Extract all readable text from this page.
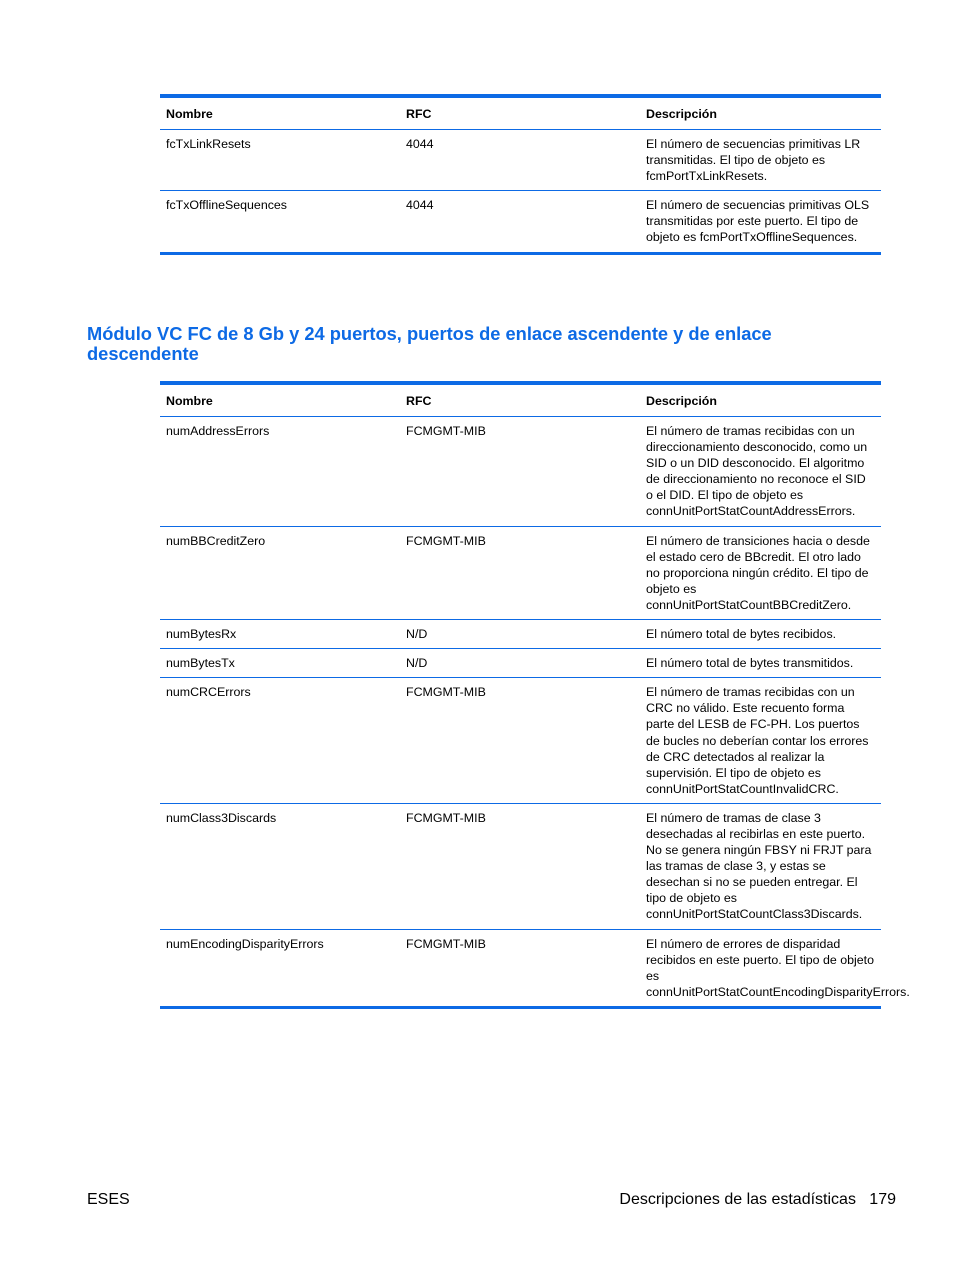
Nombre	RFC	Descripción
fcTxLinkResets	4044	El número de secuencias primitivas LR transmitidas. El tipo de objeto es fcmPortTxLinkResets.
fcTxOfflineSequences	4044	El número de secuencias primitivas OLS transmitidas por este puerto. El tipo de objeto es fcmPortTxOfflineSequences.
Módulo VC FC de 8 Gb y 24 puertos, puertos de enlace ascendente y de enlace descendente
Nombre	RFC	Descripción
numAddressErrors	FCMGMT-MIB	El número de tramas recibidas con un direccionamiento desconocido, como un SID o un DID desconocido. El algoritmo de direccionamiento no reconoce el SID o el DID. El tipo de objeto es connUnitPortStatCountAddressErrors.
numBBCreditZero	FCMGMT-MIB	El número de transiciones hacia o desde el estado cero de BBcredit. El otro lado no proporciona ningún crédito. El tipo de objeto es connUnitPortStatCountBBCreditZero.
numBytesRx	N/D	El número total de bytes recibidos.
numBytesTx	N/D	El número total de bytes transmitidos.
numCRCErrors	FCMGMT-MIB	El número de tramas recibidas con un CRC no válido. Este recuento forma parte del LESB de FC-PH. Los puertos de bucles no deberían contar los errores de CRC detectados al realizar la supervisión. El tipo de objeto es connUnitPortStatCountInvalidCRC.
numClass3Discards	FCMGMT-MIB	El número de tramas de clase 3 desechadas al recibirlas en este puerto. No se genera ningún FBSY ni FRJT para las tramas de clase 3, y estas se desechan si no se pueden entregar. El tipo de objeto es connUnitPortStatCountClass3Discards.
numEncodingDisparityErrors	FCMGMT-MIB	El número de errores de disparidad recibidos en este puerto. El tipo de objeto es connUnitPortStatCountEncodingDisparityErrors.
ESES	Descripciones de las estadísticas 179
